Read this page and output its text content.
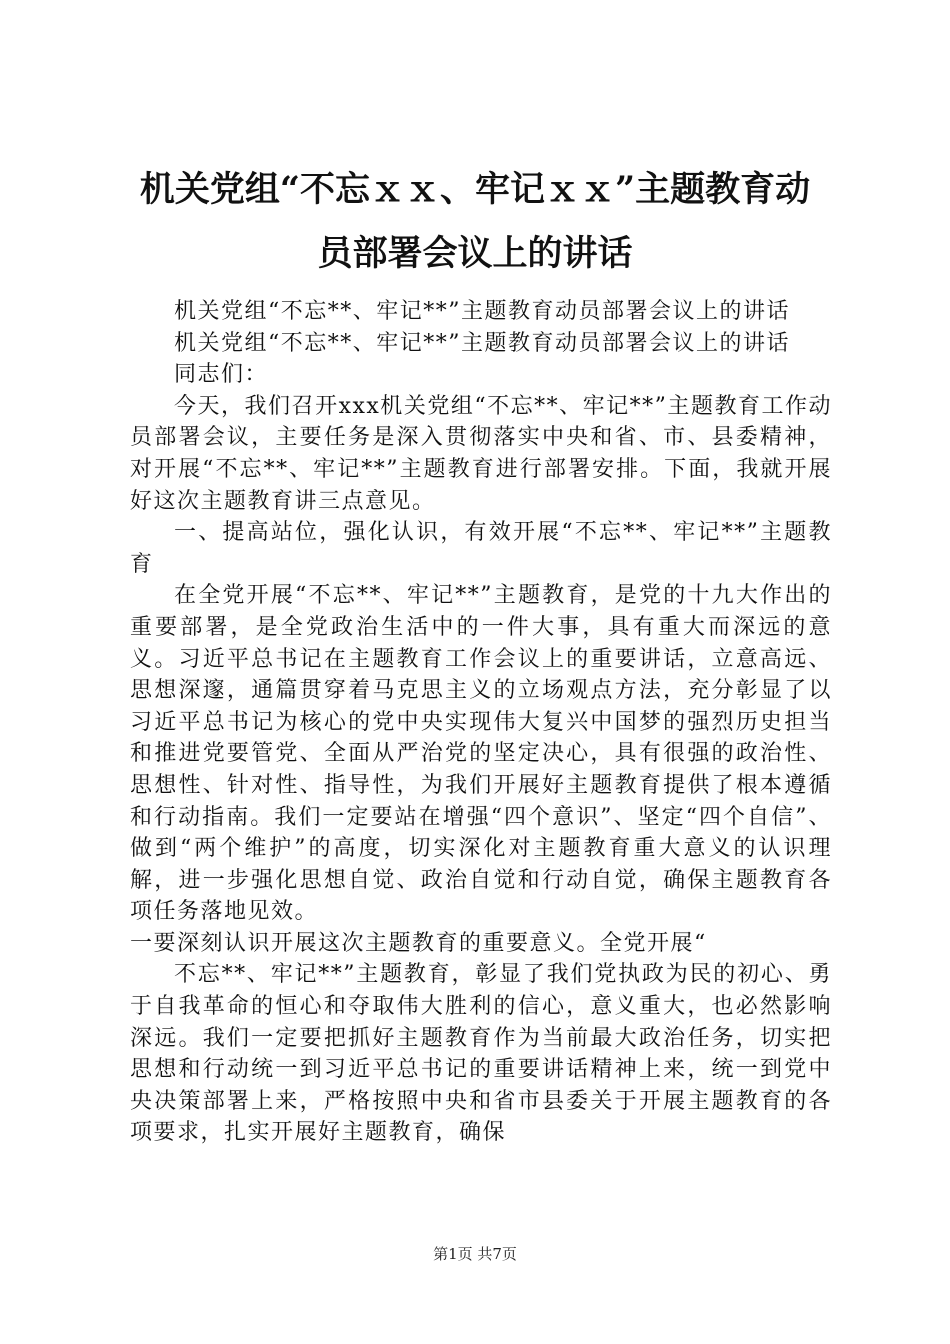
机关党组“不忘ｘｘ、牢记ｘｘ”主题教育动
员部署会议上的讲话

机关党组“不忘**、牢记**”主题教育动员部署会议上的讲话

机关党组“不忘**、牢记**”主题教育动员部署会议上的讲话

同志们：

今天，我们召开xxx机关党组“不忘**、牢记**”主题教育工作动员部署会议，主要任务是深入贯彻落实中央和省、市、县委精神，对开展“不忘**、牢记**”主题教育进行部署安排。下面，我就开展好这次主题教育讲三点意见。

一、提高站位，强化认识，有效开展“不忘**、牢记**”主题教育

在全党开展“不忘**、牢记**”主题教育，是党的十九大作出的重要部署，是全党政治生活中的一件大事，具有重大而深远的意义。习近平总书记在主题教育工作会议上的重要讲话，立意高远、思想深邃，通篇贯穿着马克思主义的立场观点方法，充分彰显了以习近平总书记为核心的党中央实现伟大复兴中国梦的强烈历史担当和推进党要管党、全面从严治党的坚定决心，具有很强的政治性、思想性、针对性、指导性，为我们开展好主题教育提供了根本遵循和行动指南。我们一定要站在增强“四个意识”、坚定“四个自信”、做到“两个维护”的高度，切实深化对主题教育重大意义的认识理解，进一步强化思想自觉、政治自觉和行动自觉，确保主题教育各项任务落地见效。

一要深刻认识开展这次主题教育的重要意义。全党开展“

不忘**、牢记**”主题教育，彰显了我们党执政为民的初心、勇于自我革命的恒心和夺取伟大胜利的信心，意义重大，也必然影响深远。我们一定要把抓好主题教育作为当前最大政治任务，切实把思想和行动统一到习近平总书记的重要讲话精神上来，统一到党中央决策部署上来，严格按照中央和省市县委关于开展主题教育的各项要求，扎实开展好主题教育，确保

第1页 共7页
